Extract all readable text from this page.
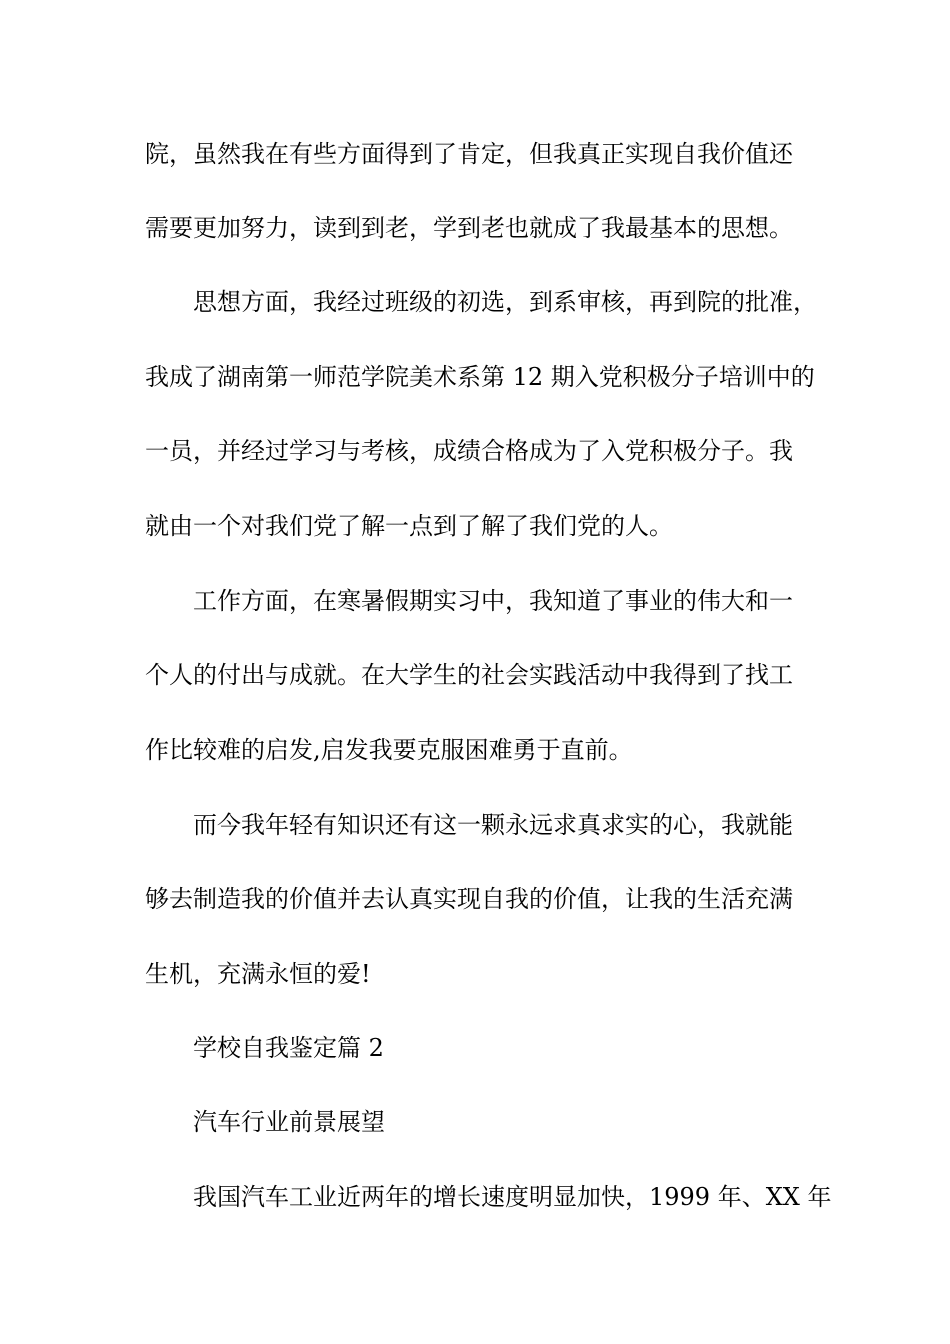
院，虽然我在有些方面得到了肯定，但我真正实现自我价值还
需要更加努力，读到到老，学到老也就成了我最基本的思想。
思想方面，我经过班级的初选，到系审核，再到院的批准，
我成了湖南第一师范学院美术系第 12 期入党积极分子培训中的
一员，并经过学习与考核，成绩合格成为了入党积极分子。我
就由一个对我们党了解一点到了解了我们党的人。
工作方面，在寒暑假期实习中，我知道了事业的伟大和一
个人的付出与成就。在大学生的社会实践活动中我得到了找工
作比较难的启发,启发我要克服困难勇于直前。
而今我年轻有知识还有这一颗永远求真求实的心，我就能
够去制造我的价值并去认真实现自我的价值，让我的生活充满
生机，充满永恒的爱!
学校自我鉴定篇 2
汽车行业前景展望
我国汽车工业近两年的增长速度明显加快，1999 年、XX 年
